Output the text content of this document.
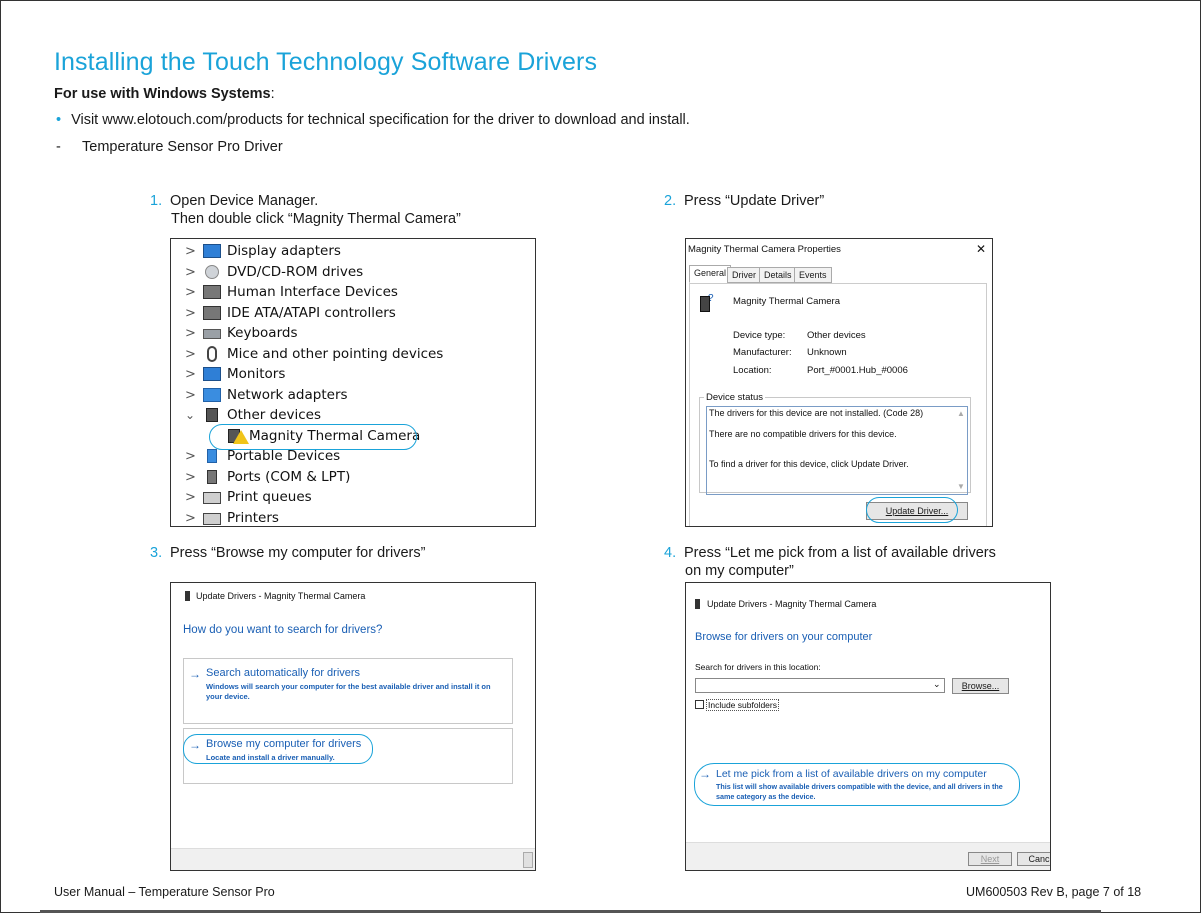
Installing the Touch Technology Software Drivers
For use with Windows Systems:
• Visit www.elotouch.com/products for technical specification for the driver to download and install.
- Temperature Sensor Pro Driver
1. Open Device Manager.
Then double click “Magnity Thermal Camera”
2. Press “Update Driver”
3. Press “Browse my computer for drivers”	4. Press “Let me pick from a list of available drivers
on my computer”
> Display adapters
> DVD/CD-ROM drives
> Human Interface Devices
> IDE ATA/ATAPI controllers
> Keyboards
> Mice and other pointing devices
> Monitors
> Network adapters
⌄ Other devices
Magnity Thermal Camera
> Portable Devices
> Ports (COM & LPT)
> Print queues
> Printers
Magnity Thermal Camera Properties	✕
General Driver Details Events
? Magnity Thermal Camera
Device type: Other devices
Manufacturer: Unknown
Location:	Port_#0001.Hub_#0006
Device status
The drivers for this device are not installed. (Code 28)
There are no compatible drivers for this device.
To find a driver for this device, click Update Driver.
▲
▼
Update Driver...
Update Drivers - Magnity Thermal Camera
How do you want to search for drivers?
→ Search automatically for drivers
Windows will search your computer for the best available driver and install it on your device.
→ Browse my computer for drivers
Locate and install a driver manually.
Update Drivers - Magnity Thermal Camera
Browse for drivers on your computer
Search for drivers in this location:
⌄	Browse...
Include subfolders
→ Let me pick from a list of available drivers on my computer
This list will show available drivers compatible with the device, and all drivers in the same category as the device.
Next	Canc
User Manual – Temperature Sensor Pro	UM600503 Rev B, page 7 of 18
